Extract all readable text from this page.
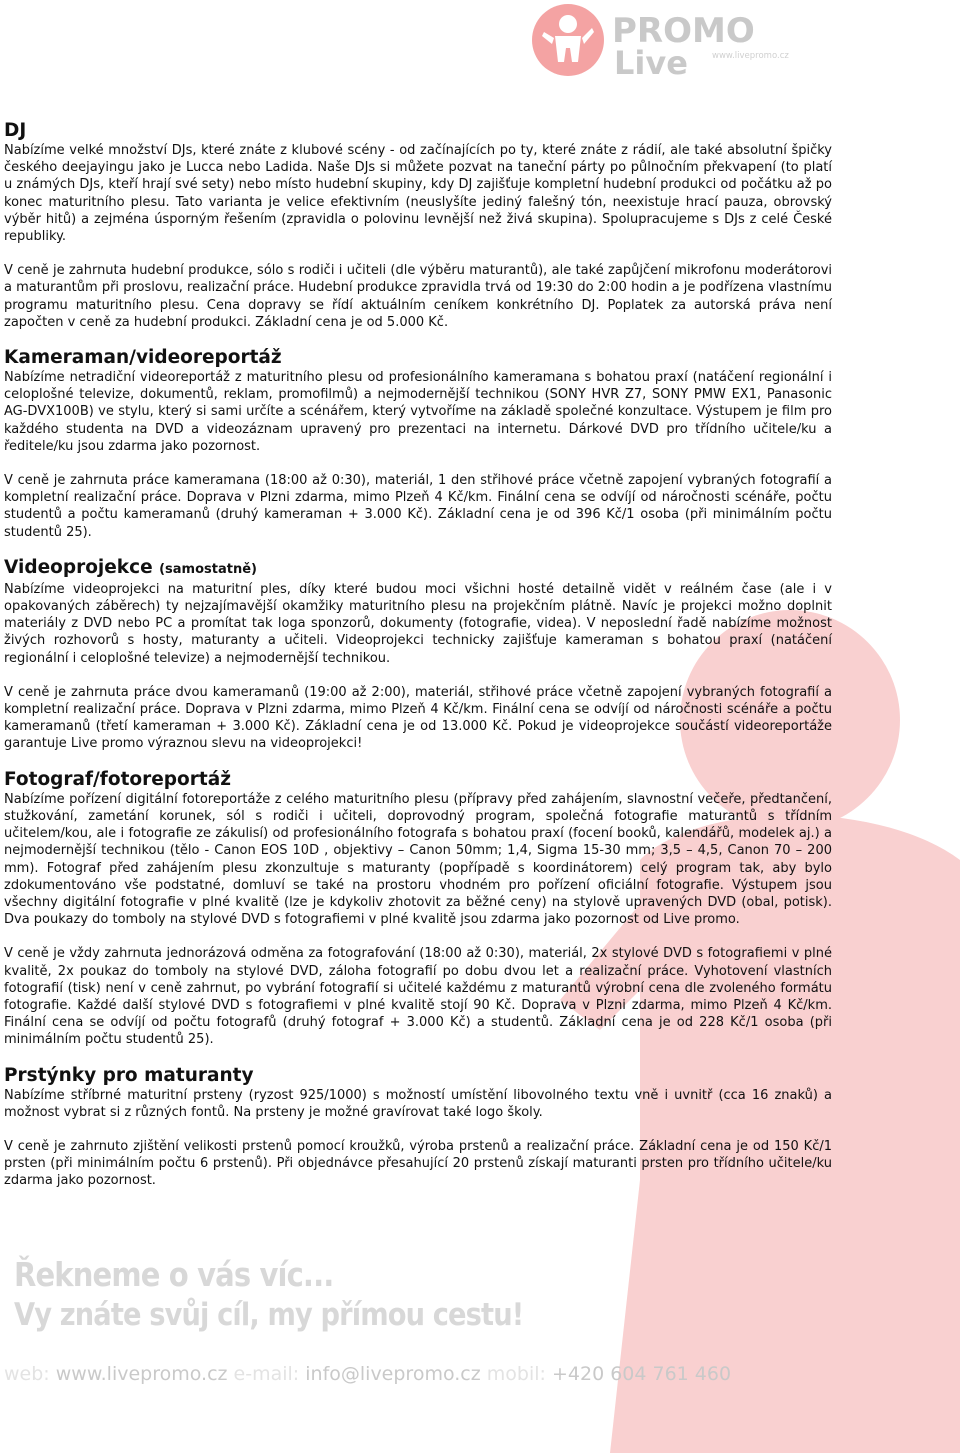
PROMO
Live	www.livepromo.cz
DJ

Nabízíme velké množství DJs, které znáte z klubové scény - od začínajících po ty, které znáte z rádií, ale také absolutní špičky českého deejayingu jako je Lucca nebo Ladida. Naše DJs si můžete pozvat na taneční párty po půlnočním překvapení (to platí u známých DJs, kteří hrají své sety) nebo místo hudební skupiny, kdy DJ zajišťuje kompletní hudební produkci od počátku až po konec maturitního plesu. Tato varianta je velice efektivním (neuslyšíte jediný falešný tón, neexistuje hrací pauza, obrovský výběr hitů) a zejména úsporným řešením (zpravidla o polovinu levnější než živá skupina). Spolupracujeme s DJs z celé České republiky.

V ceně je zahrnuta hudební produkce, sólo s rodiči i učiteli (dle výběru maturantů), ale také zapůjčení mikrofonu moderátorovi a maturantům při proslovu, realizační práce. Hudební produkce zpravidla trvá od 19:30 do 2:00 hodin a je podřízena vlastnímu programu maturitního plesu. Cena dopravy se řídí aktuálním ceníkem konkrétního DJ. Poplatek za autorská práva není započten v ceně za hudební produkci. Základní cena je od 5.000 Kč.

Kameraman/videoreportáž

Nabízíme netradiční videoreportáž z maturitního plesu od profesionálního kameramana s bohatou praxí (natáčení regionální i celoplošné televize, dokumentů, reklam, promofilmů) a nejmodernější technikou (SONY HVR Z7, SONY PMW EX1, Panasonic AG-DVX100B) ve stylu, který si sami určíte a scénářem, který vytvoříme na základě společné konzultace. Výstupem je film pro každého studenta na DVD a videozáznam upravený pro prezentaci na internetu. Dárkové DVD pro třídního učitele/ku a ředitele/ku jsou zdarma jako pozornost.

V ceně je zahrnuta práce kameramana (18:00 až 0:30), materiál, 1 den střihové práce včetně zapojení vybraných fotografií a kompletní realizační práce. Doprava v Plzni zdarma, mimo Plzeň 4 Kč/km. Finální cena se odvíjí od náročnosti scénáře, počtu studentů a počtu kameramanů (druhý kameraman + 3.000 Kč). Základní cena je od 396 Kč/1 osoba (při minimálním počtu studentů 25).

Videoprojekce (samostatně)

Nabízíme videoprojekci na maturitní ples, díky které budou moci všichni hosté detailně vidět v reálném čase (ale i v opakovaných záběrech) ty nejzajímavější okamžiky maturitního plesu na projekčním plátně. Navíc je projekci možno doplnit materiály z DVD nebo PC a promítat tak loga sponzorů, dokumenty (fotografie, videa). V neposlední řadě nabízíme možnost živých rozhovorů s hosty, maturanty a učiteli. Videoprojekci technicky zajišťuje kameraman s bohatou praxí (natáčení regionální i celoplošné televize) a nejmodernější technikou.

V ceně je zahrnuta práce dvou kameramanů (19:00 až 2:00), materiál, střihové práce včetně zapojení vybraných fotografií a kompletní realizační práce. Doprava v Plzni zdarma, mimo Plzeň 4 Kč/km. Finální cena se odvíjí od náročnosti scénáře a počtu kameramanů (třetí kameraman + 3.000 Kč). Základní cena je od 13.000 Kč. Pokud je videoprojekce součástí videoreportáže garantuje Live promo výraznou slevu na videoprojekci!

Fotograf/fotoreportáž

Nabízíme pořízení digitální fotoreportáže z celého maturitního plesu (přípravy před zahájením, slavnostní večeře, předtančení, stužkování, zametání korunek, sól s rodiči i učiteli, doprovodný program, společná fotografie maturantů s třídním učitelem/kou, ale i fotografie ze zákulisí) od profesionálního fotografa s bohatou praxí (focení booků, kalendářů, modelek aj.) a nejmodernější technikou (tělo - Canon EOS 10D , objektivy – Canon 50mm; 1,4, Sigma 15-30 mm; 3,5 – 4,5, Canon 70 – 200 mm). Fotograf před zahájením plesu zkonzultuje s maturanty (popřípadě s koordinátorem) celý program tak, aby bylo zdokumentováno vše podstatné, domluví se také na prostoru vhodném pro pořízení oficiální fotografie. Výstupem jsou všechny digitální fotografie v plné kvalitě (lze je kdykoliv zhotovit za běžné ceny) na stylově upravených DVD (obal, potisk). Dva poukazy do tomboly na stylové DVD s fotografiemi v plné kvalitě jsou zdarma jako pozornost od Live promo.

V ceně je vždy zahrnuta jednorázová odměna za fotografování (18:00 až 0:30), materiál, 2x stylové DVD s fotografiemi v plné kvalitě, 2x poukaz do tomboly na stylové DVD, záloha fotografií po dobu dvou let a realizační práce. Vyhotovení vlastních fotografií (tisk) není v ceně zahrnut, po vybrání fotografií si učitelé každému z maturantů výrobní cena dle zvoleného formátu fotografie. Každé další stylové DVD s fotografiemi v plné kvalitě stojí 90 Kč. Doprava v Plzni zdarma, mimo Plzeň 4 Kč/km. Finální cena se odvíjí od počtu fotografů (druhý fotograf + 3.000 Kč) a studentů. Základní cena je od 228 Kč/1 osoba (při minimálním počtu studentů 25).

Prstýnky pro maturanty

Nabízíme stříbrné maturitní prsteny (ryzost 925/1000) s možností umístění libovolného textu vně i uvnitř (cca 16 znaků) a možnost vybrat si z různých fontů. Na prsteny je možné gravírovat také logo školy.

V ceně je zahrnuto zjištění velikosti prstenů pomocí kroužků, výroba prstenů a realizační práce. Základní cena je od 150 Kč/1 prsten (při minimálním počtu 6 prstenů). Při objednávce přesahující 20 prstenů získají maturanti prsten pro třídního učitele/ku zdarma jako pozornost.

Řekneme o vás víc...
Vy znáte svůj cíl, my přímou cestu!
web: www.livepromo.cz e-mail: info@livepromo.cz mobil: +420 604 761 460
